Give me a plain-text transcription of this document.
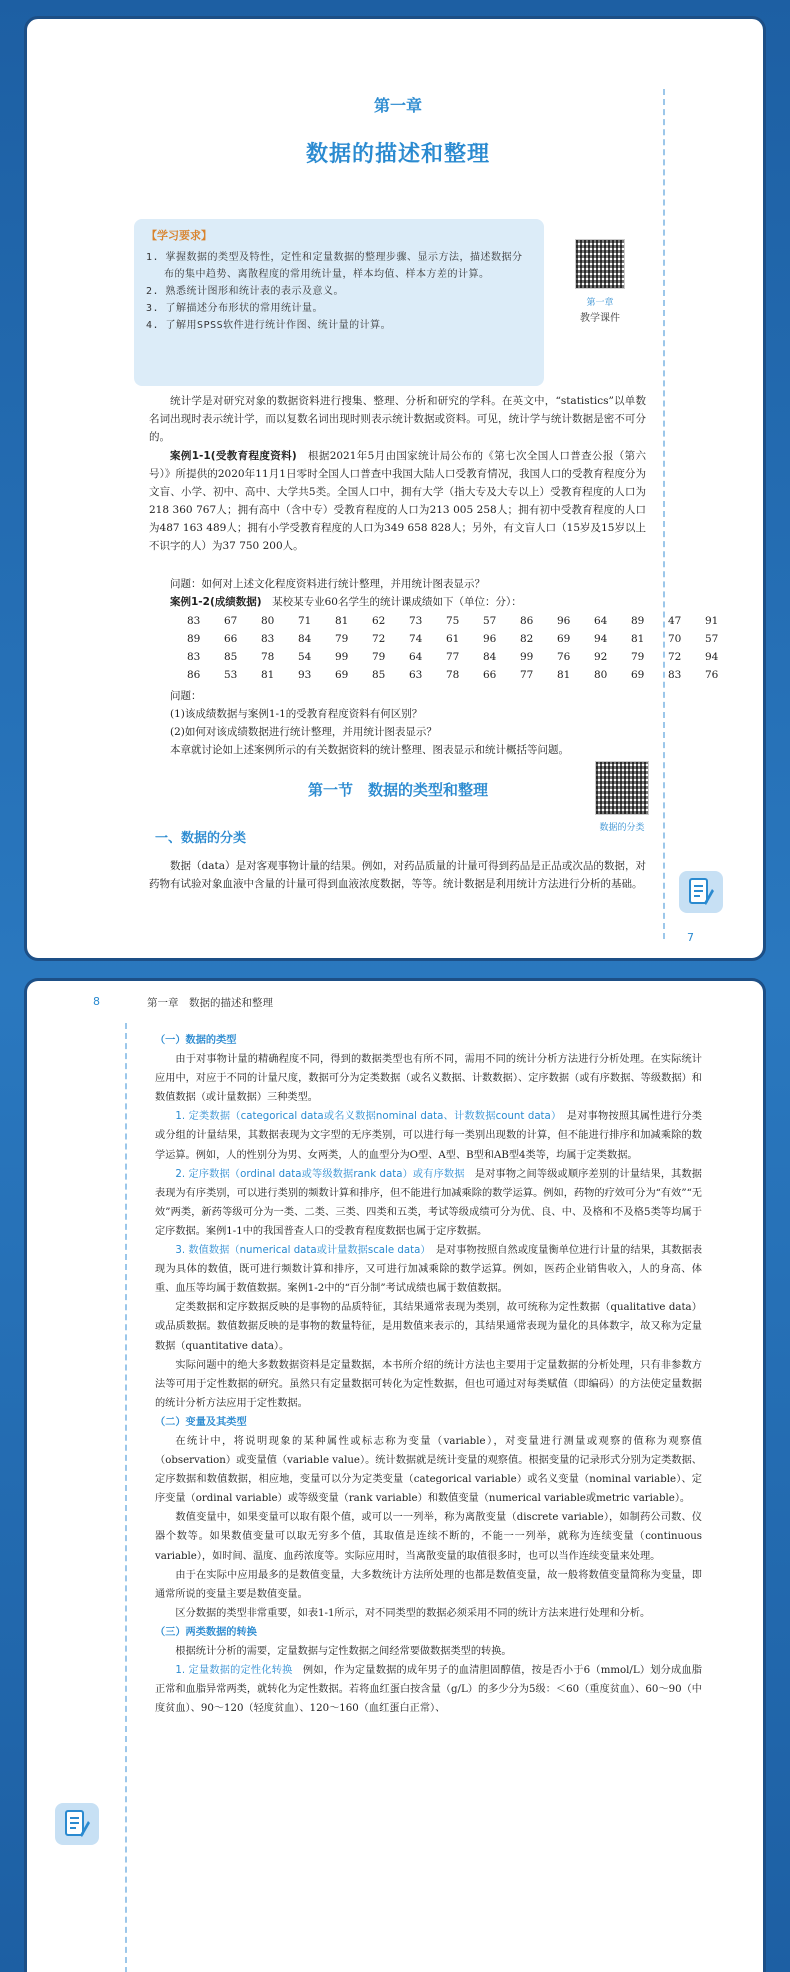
第一章
数据的描述和整理
【学习要求】
1. 掌握数据的类型及特性，定性和定量数据的整理步骤、显示方法，描述数据分布的集中趋势、离散程度的常用统计量，样本均值、样本方差的计算。
2. 熟悉统计图形和统计表的表示及意义。
3. 了解描述分布形状的常用统计量。
4. 了解用SPSS软件进行统计作图、统计量的计算。
第一章
教学课件
统计学是对研究对象的数据资料进行搜集、整理、分析和研究的学科。在英文中，“statistics”以单数名词出现时表示统计学，而以复数名词出现时则表示统计数据或资料。可见，统计学与统计数据是密不可分的。
案例1-1(受教育程度资料)　根据2021年5月由国家统计局公布的《第七次全国人口普查公报（第六号）》所提供的2020年11月1日零时全国人口普查中我国大陆人口受教育情况，我国人口的受教育程度分为文盲、小学、初中、高中、大学共5类。全国人口中，拥有大学（指大专及大专以上）受教育程度的人口为218 360 767人；拥有高中（含中专）受教育程度的人口为213 005 258人；拥有初中受教育程度的人口为487 163 489人；拥有小学受教育程度的人口为349 658 828人；另外，有文盲人口（15岁及15岁以上不识字的人）为37 750 200人。
问题：如何对上述文化程度资料进行统计整理，并用统计图表显示？
案例1-2(成绩数据)　某校某专业60名学生的统计课成绩如下（单位：分）：
83	67	80	71	81	62	73	75	57	86	96	64	89	47	91
89	66	83	84	79	72	74	61	96	82	69	94	81	70	57
83	85	78	54	99	79	64	77	84	99	76	92	79	72	94
86	53	81	93	69	85	63	78	66	77	81	80	69	83	76
问题：
(1)该成绩数据与案例1-1的受教育程度资料有何区别？
(2)如何对该成绩数据进行统计整理，并用统计图表显示？
本章就讨论如上述案例所示的有关数据资料的统计整理、图表显示和统计概括等问题。
第一节　数据的类型和整理
数据的分类
一、数据的分类
数据（data）是对客观事物计量的结果。例如，对药品质量的计量可得到药品是正品或次品的数据，对药物有试验对象血液中含量的计量可得到血液浓度数据，等等。统计数据是利用统计方法进行分析的基础。
7
8	第一章　数据的描述和整理

（一）数据的类型

由于对事物计量的精确程度不同，得到的数据类型也有所不同，需用不同的统计分析方法进行分析处理。在实际统计应用中，对应于不同的计量尺度，数据可分为定类数据（或名义数据、计数数据）、定序数据（或有序数据、等级数据）和数值数据（或计量数据）三种类型。

1. 定类数据（categorical data或名义数据nominal data、计数数据count data）　是对事物按照其属性进行分类或分组的计量结果，其数据表现为文字型的无序类别，可以进行每一类别出现数的计算，但不能进行排序和加减乘除的数学运算。例如，人的性别分为男、女两类，人的血型分为O型、A型、B型和AB型4类等，均属于定类数据。

2. 定序数据（ordinal data或等级数据rank data）或有序数据　是对事物之间等级或顺序差别的计量结果，其数据表现为有序类别，可以进行类别的频数计算和排序，但不能进行加减乘除的数学运算。例如，药物的疗效可分为“有效”“无效”两类，新药等级可分为一类、二类、三类、四类和五类，考试等级成绩可分为优、良、中、及格和不及格5类等均属于定序数据。案例1-1中的我国普查人口的受教育程度数据也属于定序数据。

3. 数值数据（numerical data或计量数据scale data）　是对事物按照自然或度量衡单位进行计量的结果，其数据表现为具体的数值，既可进行频数计算和排序，又可进行加减乘除的数学运算。例如，医药企业销售收入，人的身高、体重、血压等均属于数值数据。案例1-2中的“百分制”考试成绩也属于数值数据。

定类数据和定序数据反映的是事物的品质特征，其结果通常表现为类别，故可统称为定性数据（qualitative data）或品质数据。数值数据反映的是事物的数量特征，是用数值来表示的，其结果通常表现为量化的具体数字，故又称为定量数据（quantitative data）。

实际问题中的绝大多数数据资料是定量数据，本书所介绍的统计方法也主要用于定量数据的分析处理，只有非参数方法等可用于定性数据的研究。虽然只有定量数据可转化为定性数据，但也可通过对每类赋值（即编码）的方法使定量数据的统计分析方法应用于定性数据。

（二）变量及其类型

在统计中，将说明现象的某种属性或标志称为变量（variable），对变量进行测量或观察的值称为观察值（observation）或变量值（variable value）。统计数据就是统计变量的观察值。根据变量的记录形式分别为定类数据、定序数据和数值数据，相应地，变量可以分为定类变量（categorical variable）或名义变量（nominal variable）、定序变量（ordinal variable）或等级变量（rank variable）和数值变量（numerical variable或metric variable）。

数值变量中，如果变量可以取有限个值，或可以一一列举，称为离散变量（discrete variable），如制药公司数、仪器个数等。如果数值变量可以取无穷多个值，其取值是连续不断的，不能一一列举，就称为连续变量（continuous variable），如时间、温度、血药浓度等。实际应用时，当离散变量的取值很多时，也可以当作连续变量来处理。

由于在实际中应用最多的是数值变量，大多数统计方法所处理的也都是数值变量，故一般将数值变量简称为变量，即通常所说的变量主要是数值变量。

区分数据的类型非常重要，如表1-1所示，对不同类型的数据必须采用不同的统计方法来进行处理和分析。

（三）两类数据的转换

根据统计分析的需要，定量数据与定性数据之间经常要做数据类型的转换。

1. 定量数据的定性化转换　例如，作为定量数据的成年男子的血清胆固醇值，按是否小于6（mmol/L）划分成血脂正常和血脂异常两类，就转化为定性数据。若将血红蛋白按含量（g/L）的多少分为5级：＜60（重度贫血）、60～90（中度贫血）、90～120（轻度贫血）、120～160（血红蛋白正常）、
